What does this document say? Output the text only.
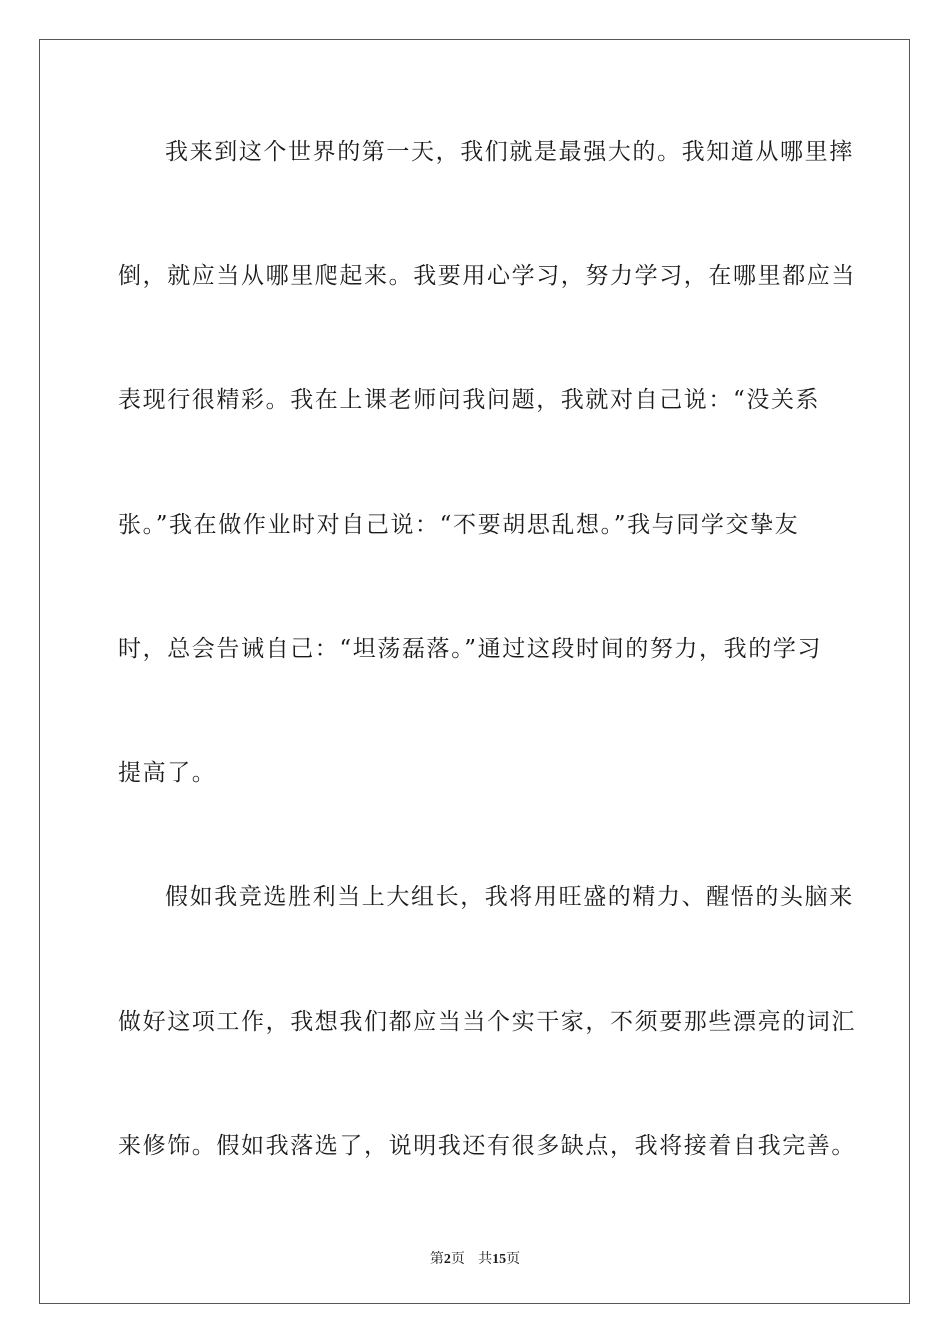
我来到这个世界的第一天，我们就是最强大的。我知道从哪里摔
倒，就应当从哪里爬起来。我要用心学习，努力学习，在哪里都应当
表现行很精彩。我在上课老师问我问题，我就对自己说：“没关系
张。”我在做作业时对自己说：“不要胡思乱想。”我与同学交挚友
时，总会告诫自己：“坦荡磊落。”通过这段时间的努力，我的学习
提高了。
假如我竞选胜利当上大组长，我将用旺盛的精力、醒悟的头脑来
做好这项工作，我想我们都应当当个实干家，不须要那些漂亮的词汇
来修饰。假如我落选了，说明我还有很多缺点，我将接着自我完善。
第2页 共15页
